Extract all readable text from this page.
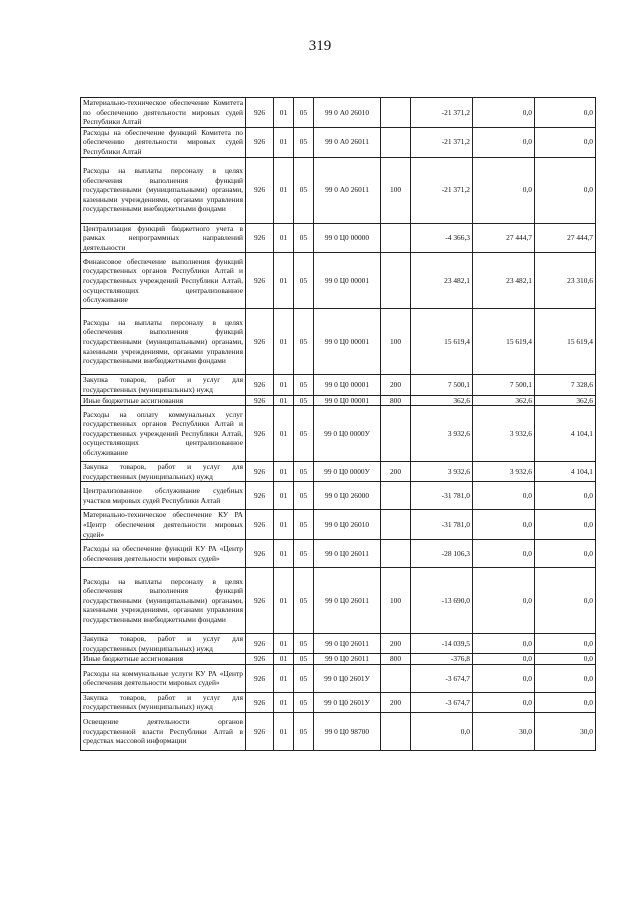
319
Материально-техническое обеспечение Комитета по обеспечению деятельности мировых судей Республики Алтай	926	01	05	99 0 А0 26010		-21 371,2	0,0	0,0
Расходы на обеспечение функций Комитета по обеспечению деятельности мировых судей Республики Алтай	926	01	05	99 0 А0 26011		-21 371,2	0,0	0,0
Расходы на выплаты персоналу в целях обеспечения выполнения функций государственными (муниципальными) органами, казенными учреждениями, органами управления государственными внебюджетными фондами	926	01	05	99 0 А0 26011	100	-21 371,2	0,0	0,0
Централизация функций бюджетного учета в рамках непрограммных направлений деятельности	926	01	05	99 0 Ц0 00000		-4 366,3	27 444,7	27 444,7
Финансовое обеспечение выполнения функций государственных органов Республики Алтай и государственных учреждений Республики Алтай, осуществляющих централизованное обслуживание	926	01	05	99 0 Ц0 00001		23 482,1	23 482,1	23 310,6
Расходы на выплаты персоналу в целях обеспечения выполнения функций государственными (муниципальными) органами, казенными учреждениями, органами управления государственными внебюджетными фондами	926	01	05	99 0 Ц0 00001	100	15 619,4	15 619,4	15 619,4
Закупка товаров, работ и услуг для государственных (муниципальных) нужд	926	01	05	99 0 Ц0 00001	200	7 500,1	7 500,1	7 328,6
Иные бюджетные ассигнования	926	01	05	99 0 Ц0 00001	800	362,6	362,6	362,6
Расходы на оплату коммунальных услуг государственных органов Республики Алтай и государственных учреждений Республики Алтай, осуществляющих централизованное обслуживание	926	01	05	99 0 Ц0 0000У		3 932,6	3 932,6	4 104,1
Закупка товаров, работ и услуг для государственных (муниципальных) нужд	926	01	05	99 0 Ц0 0000У	200	3 932,6	3 932,6	4 104,1
Централизованное обслуживание судебных участков мировых судей Республики Алтай	926	01	05	99 0 Ц0 26000		-31 781,0	0,0	0,0
Материально-техническое обеспечение КУ РА «Центр обеспечения деятельности мировых судей»	926	01	05	99 0 Ц0 26010		-31 781,0	0,0	0,0
Расходы на обеспечение функций КУ РА «Центр обеспечения деятельности мировых судей»	926	01	05	99 0 Ц0 26011		-28 106,3	0,0	0,0
Расходы на выплаты персоналу в целях обеспечения выполнения функций государственными (муниципальными) органами, казенными учреждениями, органами управления государственными внебюджетными фондами	926	01	05	99 0 Ц0 26011	100	-13 690,0	0,0	0,0
Закупка товаров, работ и услуг для государственных (муниципальных) нужд	926	01	05	99 0 Ц0 26011	200	-14 039,5	0,0	0,0
Иные бюджетные ассигнования	926	01	05	99 0 Ц0 26011	800	-376,8	0,0	0,0
Расходы на коммунальные услуги КУ РА «Центр обеспечения деятельности мировых судей»	926	01	05	99 0 Ц0 2601У		-3 674,7	0,0	0,0
Закупка товаров, работ и услуг для государственных (муниципальных) нужд	926	01	05	99 0 Ц0 2601У	200	-3 674,7	0,0	0,0
Освещение деятельности органов государственной власти Республики Алтай в средствах массовой информации	926	01	05	99 0 Ц0 98700		0,0	30,0	30,0
